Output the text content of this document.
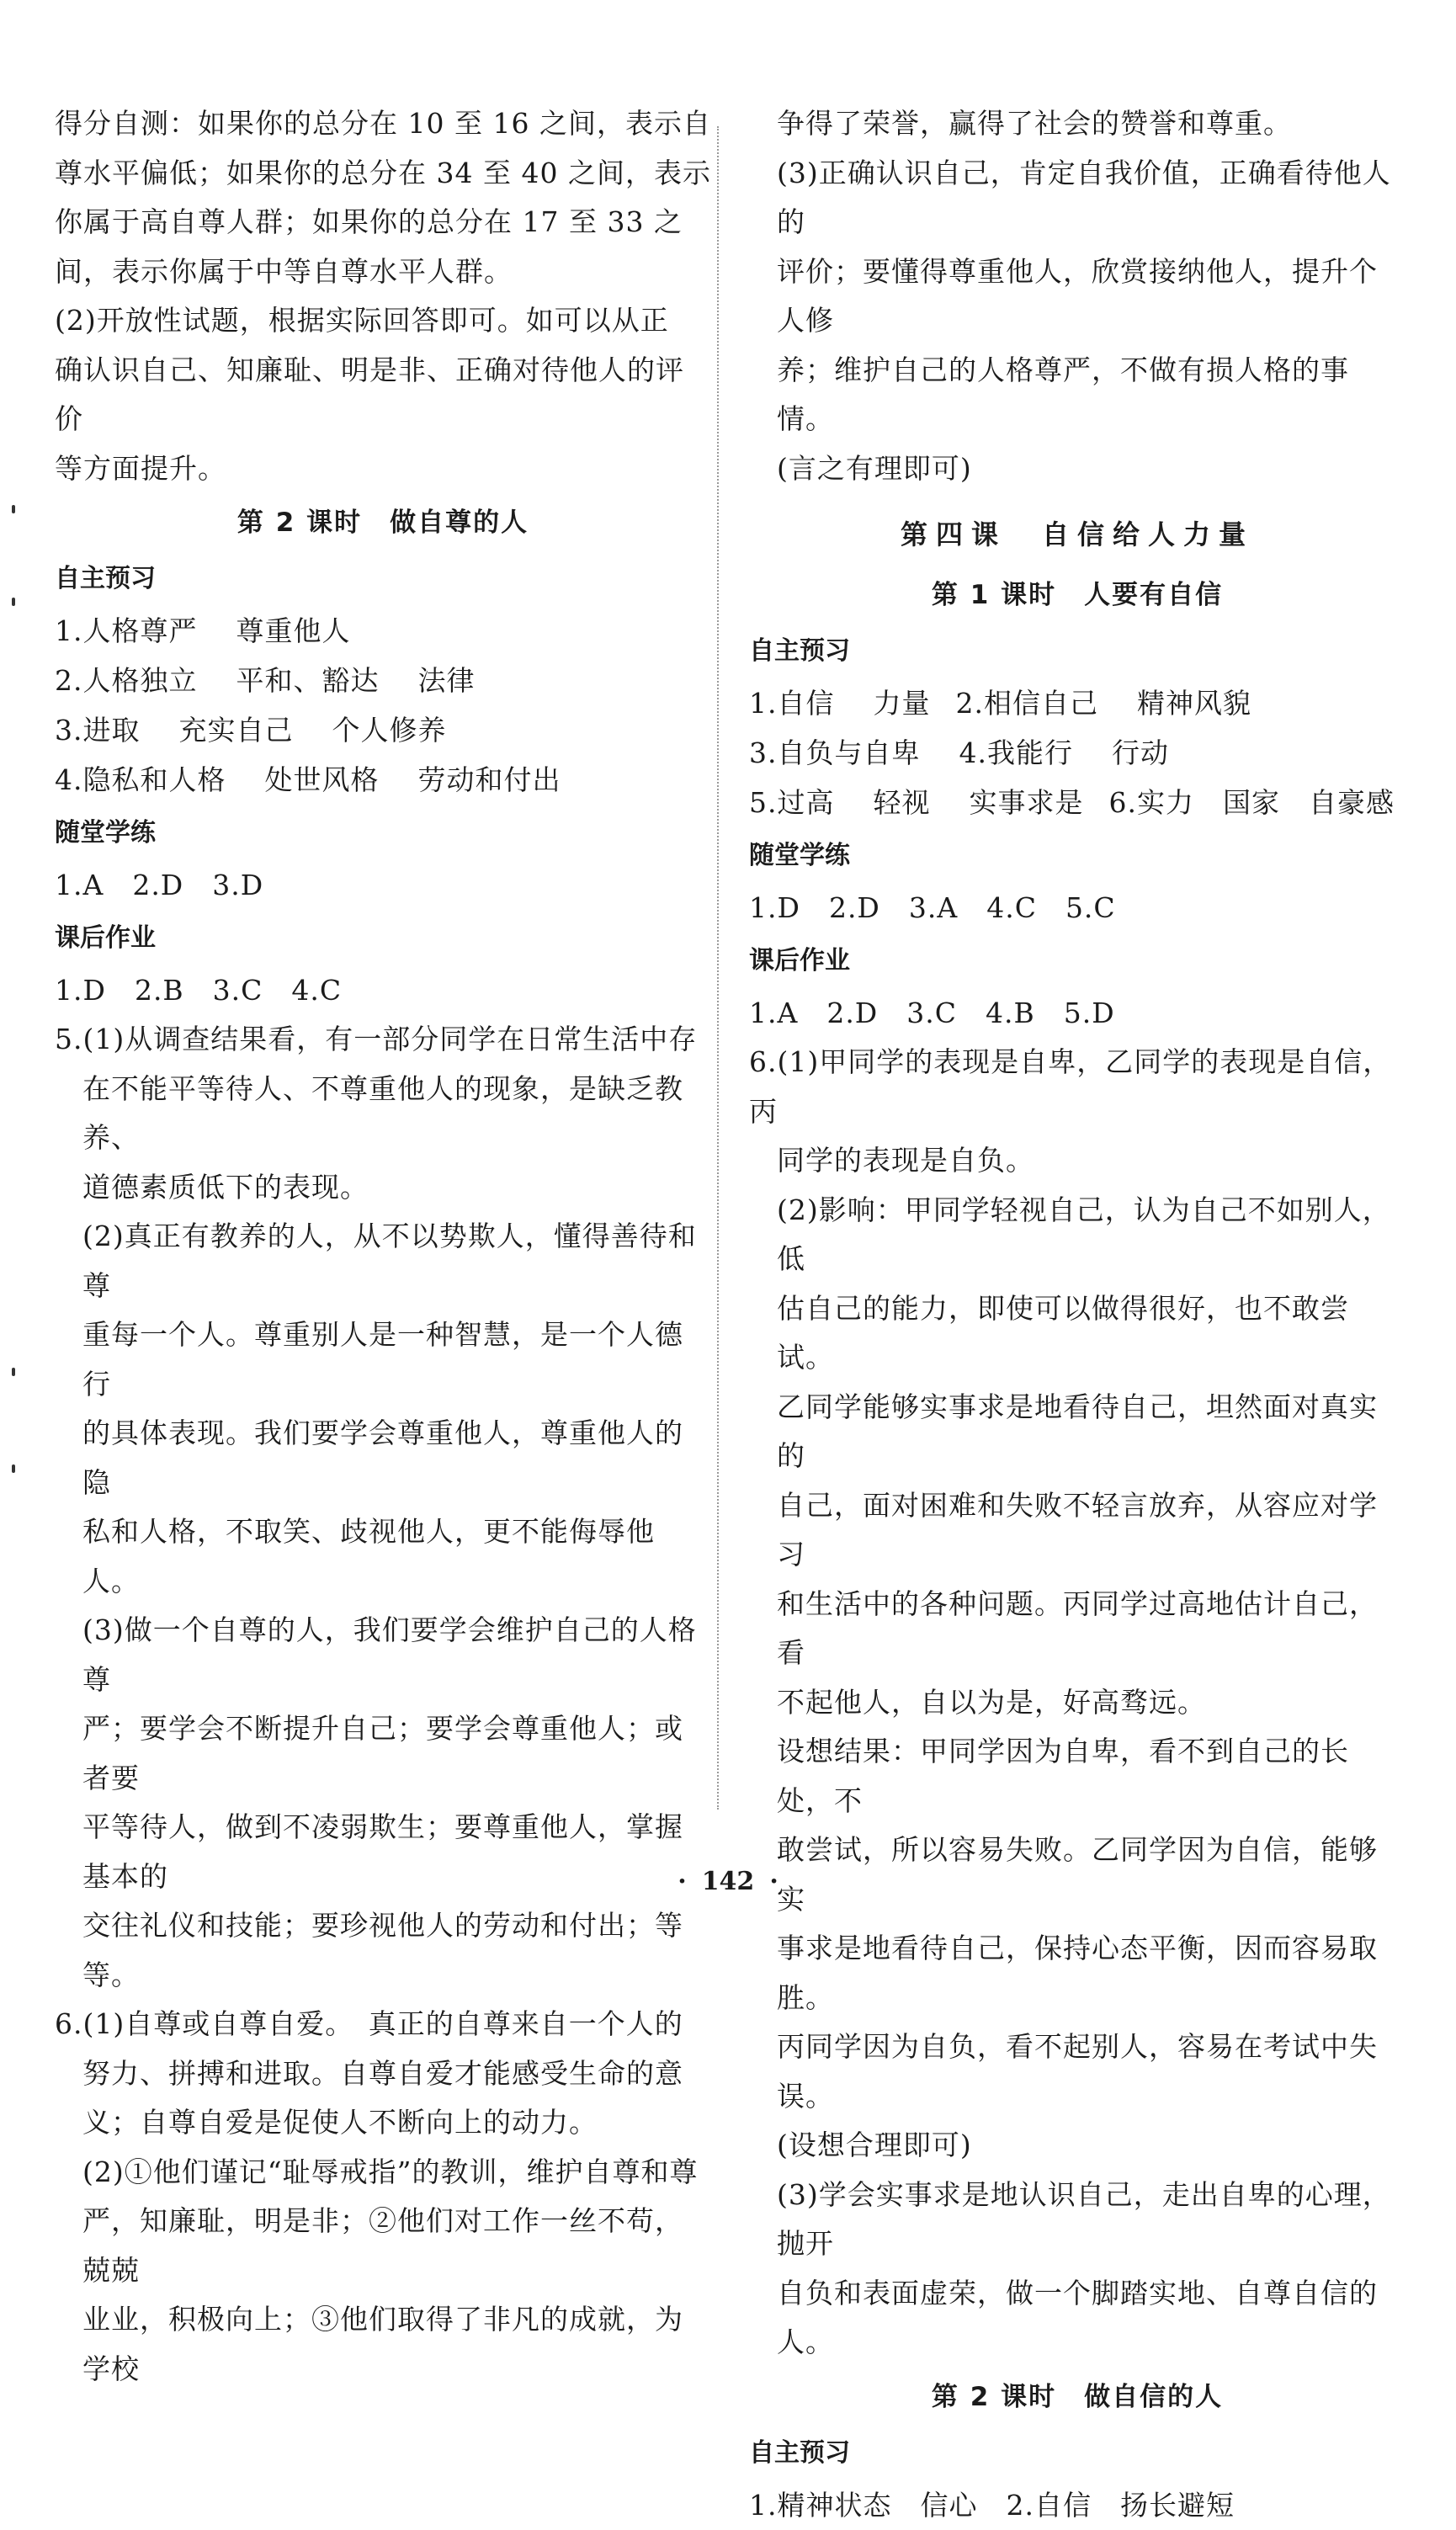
得分自测：如果你的总分在 10 至 16 之间，表示自

尊水平偏低；如果你的总分在 34 至 40 之间，表示

你属于高自尊人群；如果你的总分在 17 至 33 之

间，表示你属于中等自尊水平人群。

(2)开放性试题，根据实际回答即可。如可以从正

确认识自己、知廉耻、明是非、正确对待他人的评价

等方面提升。

第 2 课时　做自尊的人
自主预习

1.人格尊严 尊重他人

2.人格独立 平和、豁达 法律

3.进取 充实自己 个人修养

4.隐私和人格 处世风格 劳动和付出

随堂学练

1.A　2.D　3.D

课后作业

1.D　2.B　3.C　4.C

5.(1)从调查结果看，有一部分同学在日常生活中存

在不能平等待人、不尊重他人的现象，是缺乏教养、

道德素质低下的表现。

(2)真正有教养的人，从不以势欺人，懂得善待和尊

重每一个人。尊重别人是一种智慧，是一个人德行

的具体表现。我们要学会尊重他人，尊重他人的隐

私和人格，不取笑、歧视他人，更不能侮辱他人。

(3)做一个自尊的人，我们要学会维护自己的人格尊

严；要学会不断提升自己；要学会尊重他人；或者要

平等待人，做到不凌弱欺生；要尊重他人，掌握基本的

交往礼仪和技能；要珍视他人的劳动和付出；等等。

6.(1)自尊或自尊自爱。　真正的自尊来自一个人的

努力、拼搏和进取。自尊自爱才能感受生命的意

义；自尊自爱是促使人不断向上的动力。

(2)①他们谨记“耻辱戒指”的教训，维护自尊和尊

严，知廉耻，明是非；②他们对工作一丝不苟，兢兢

业业，积极向上；③他们取得了非凡的成就，为学校

争得了荣誉，赢得了社会的赞誉和尊重。

(3)正确认识自己，肯定自我价值，正确看待他人的

评价；要懂得尊重他人，欣赏接纳他人，提升个人修

养；维护自己的人格尊严，不做有损人格的事情。

(言之有理即可)

第四课　自信给人力量
第 1 课时　人要有自信
自主预习

1.自信 力量 2.相信自己 精神风貌

3.自负与自卑 4.我能行 行动

5.过高 轻视 实事求是 6.实力　国家　自豪感

随堂学练

1.D　2.D　3.A　4.C　5.C

课后作业

1.A　2.D　3.C　4.B　5.D

6.(1)甲同学的表现是自卑，乙同学的表现是自信，丙

同学的表现是自负。

(2)影响：甲同学轻视自己，认为自己不如别人，低

估自己的能力，即使可以做得很好，也不敢尝试。

乙同学能够实事求是地看待自己，坦然面对真实的

自己，面对困难和失败不轻言放弃，从容应对学习

和生活中的各种问题。丙同学过高地估计自己，看

不起他人，自以为是，好高骛远。

设想结果：甲同学因为自卑，看不到自己的长处，不

敢尝试，所以容易失败。乙同学因为自信，能够实

事求是地看待自己，保持心态平衡，因而容易取胜。

丙同学因为自负，看不起别人，容易在考试中失误。

(设想合理即可)

(3)学会实事求是地认识自己，走出自卑的心理，抛开

自负和表面虚荣，做一个脚踏实地、自尊自信的人。

第 2 课时　做自信的人
自主预习

1.精神状态　信心　2.自信　扬长避短

· 142 ·
